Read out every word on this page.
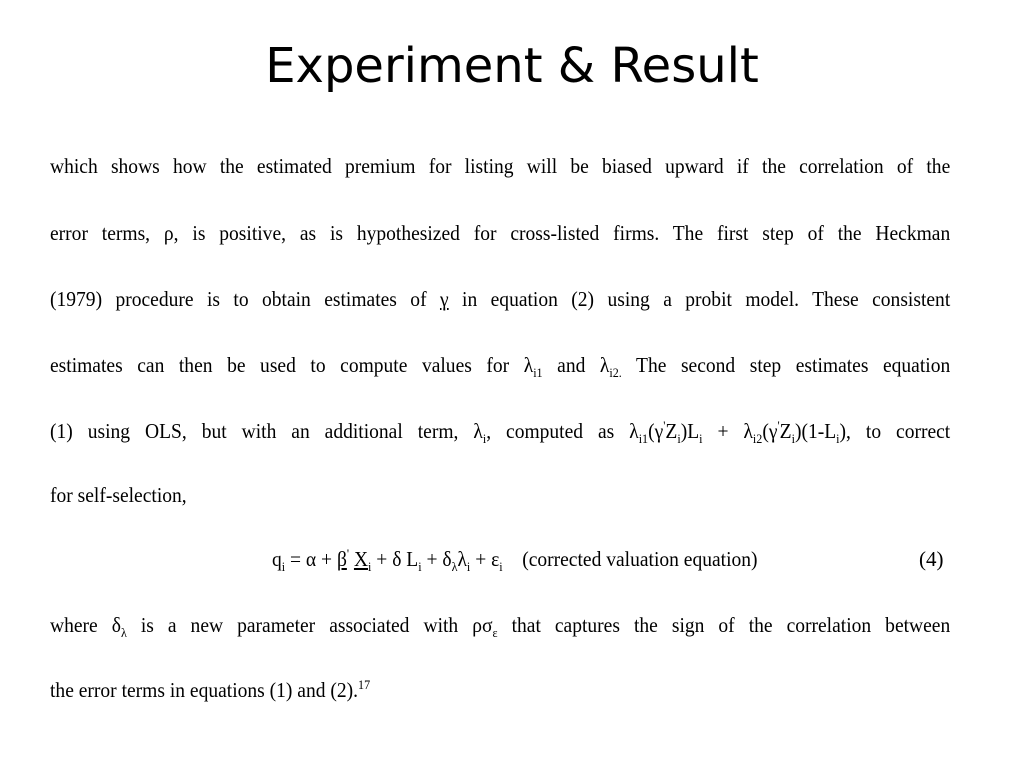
Experiment & Result
which shows how the estimated premium for listing will be biased upward if the correlation of the
error terms, ρ, is positive, as is hypothesized for cross-listed firms. The first step of the Heckman
(1979) procedure is to obtain estimates of γ in equation (2) using a probit model. These consistent
estimates can then be used to compute values for $\lambda_{i1}$ and $\lambda_{i2.}$ The second step estimates equation
(1) using OLS, but with an additional term, $\lambda_i$, computed as $\lambda_{i1}(\gamma'Z_i)L_i + \lambda_{i2}(\gamma'Z_i)(1-L_i)$, to correct
for self-selection,
$q_i = \alpha + \beta'$ $X_i + \delta$ $L_i + \delta_\lambda\lambda_i + \varepsilon_i$    (corrected valuation equation)	(4)
where $\delta_\lambda$ is a new parameter associated with $\rho\sigma_\varepsilon$ that captures the sign of the correlation between
the error terms in equations (1) and (2).$^{17}$
